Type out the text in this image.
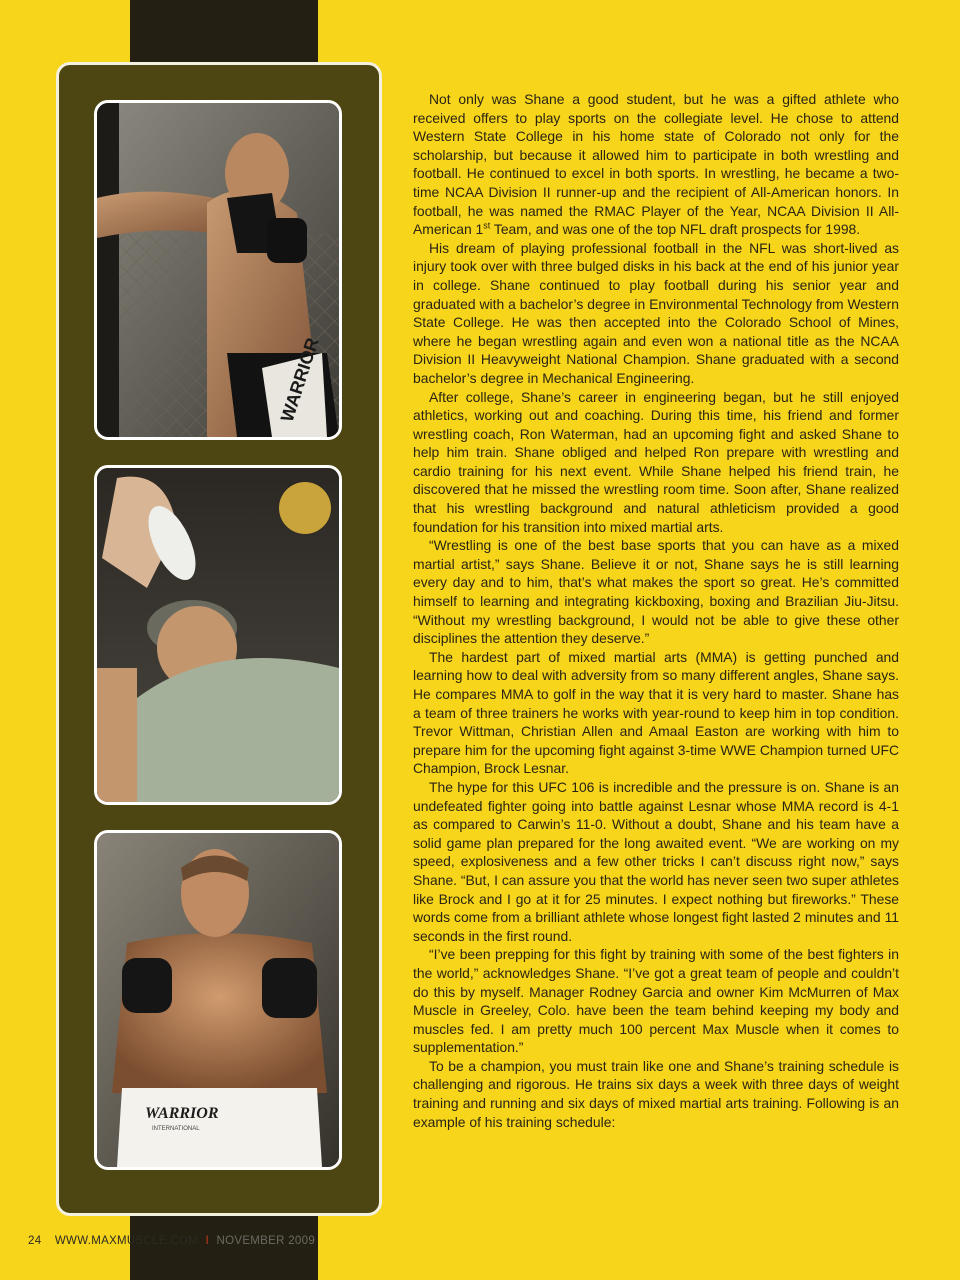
WARRIOR
WARRIOR
INTERNATIONAL

Not only was Shane a good student, but he was a gifted athlete who received offers to play sports on the collegiate level. He chose to attend Western State College in his home state of Colorado not only for the scholarship, but because it allowed him to participate in both wrestling and football. He continued to excel in both sports. In wrestling, he became a two-time NCAA Division II runner-up and the recipient of All-American honors. In football, he was named the RMAC Player of the Year, NCAA Division II All-American 1st Team, and was one of the top NFL draft prospects for 1998.

His dream of playing professional football in the NFL was short-lived as injury took over with three bulged disks in his back at the end of his junior year in college. Shane continued to play football during his senior year and graduated with a bachelor’s degree in Environmental Technology from Western State College. He was then accepted into the Colorado School of Mines, where he began wrestling again and even won a national title as the NCAA Division II Heavyweight National Champion. Shane graduated with a second bachelor’s degree in Mechanical Engineering.

After college, Shane’s career in engineering began, but he still enjoyed athletics, working out and coaching. During this time, his friend and former wrestling coach, Ron Waterman, had an upcoming fight and asked Shane to help him train. Shane obliged and helped Ron prepare with wrestling and cardio training for his next event. While Shane helped his friend train, he discovered that he missed the wrestling room time. Soon after, Shane realized that his wrestling background and natural athleticism provided a good foundation for his transition into mixed martial arts.

“Wrestling is one of the best base sports that you can have as a mixed martial artist,” says Shane. Believe it or not, Shane says he is still learning every day and to him, that’s what makes the sport so great. He’s committed himself to learning and integrating kickboxing, boxing and Brazilian Jiu-Jitsu. “Without my wrestling background, I would not be able to give these other disciplines the attention they deserve.”

The hardest part of mixed martial arts (MMA) is getting punched and learning how to deal with adversity from so many different angles, Shane says. He compares MMA to golf in the way that it is very hard to master. Shane has a team of three trainers he works with year-round to keep him in top condition. Trevor Wittman, Christian Allen and Amaal Easton are working with him to prepare him for the upcoming fight against 3-time WWE Champion turned UFC Champion, Brock Lesnar.

The hype for this UFC 106 is incredible and the pressure is on. Shane is an undefeated fighter going into battle against Lesnar whose MMA record is 4-1 as compared to Carwin’s 11-0. Without a doubt, Shane and his team have a solid game plan prepared for the long awaited event. “We are working on my speed, explosiveness and a few other tricks I can’t discuss right now,” says Shane. “But, I can assure you that the world has never seen two super athletes like Brock and I go at it for 25 minutes. I expect nothing but fireworks.” These words come from a brilliant athlete whose longest fight lasted 2 minutes and 11 seconds in the first round.

“I’ve been prepping for this fight by training with some of the best fighters in the world,” acknowledges Shane. “I’ve got a great team of people and couldn’t do this by myself. Manager Rodney Garcia and owner Kim McMurren of Max Muscle in Greeley, Colo. have been the team behind keeping my body and muscles fed. I am pretty much 100 percent Max Muscle when it comes to supplementation.”

To be a champion, you must train like one and Shane’s training schedule is challenging and rigorous. He trains six days a week with three days of weight training and running and six days of mixed martial arts training. Following is an example of his training schedule:

24 WWW.MAXMUSCLE.COM I NOVEMBER 2009
